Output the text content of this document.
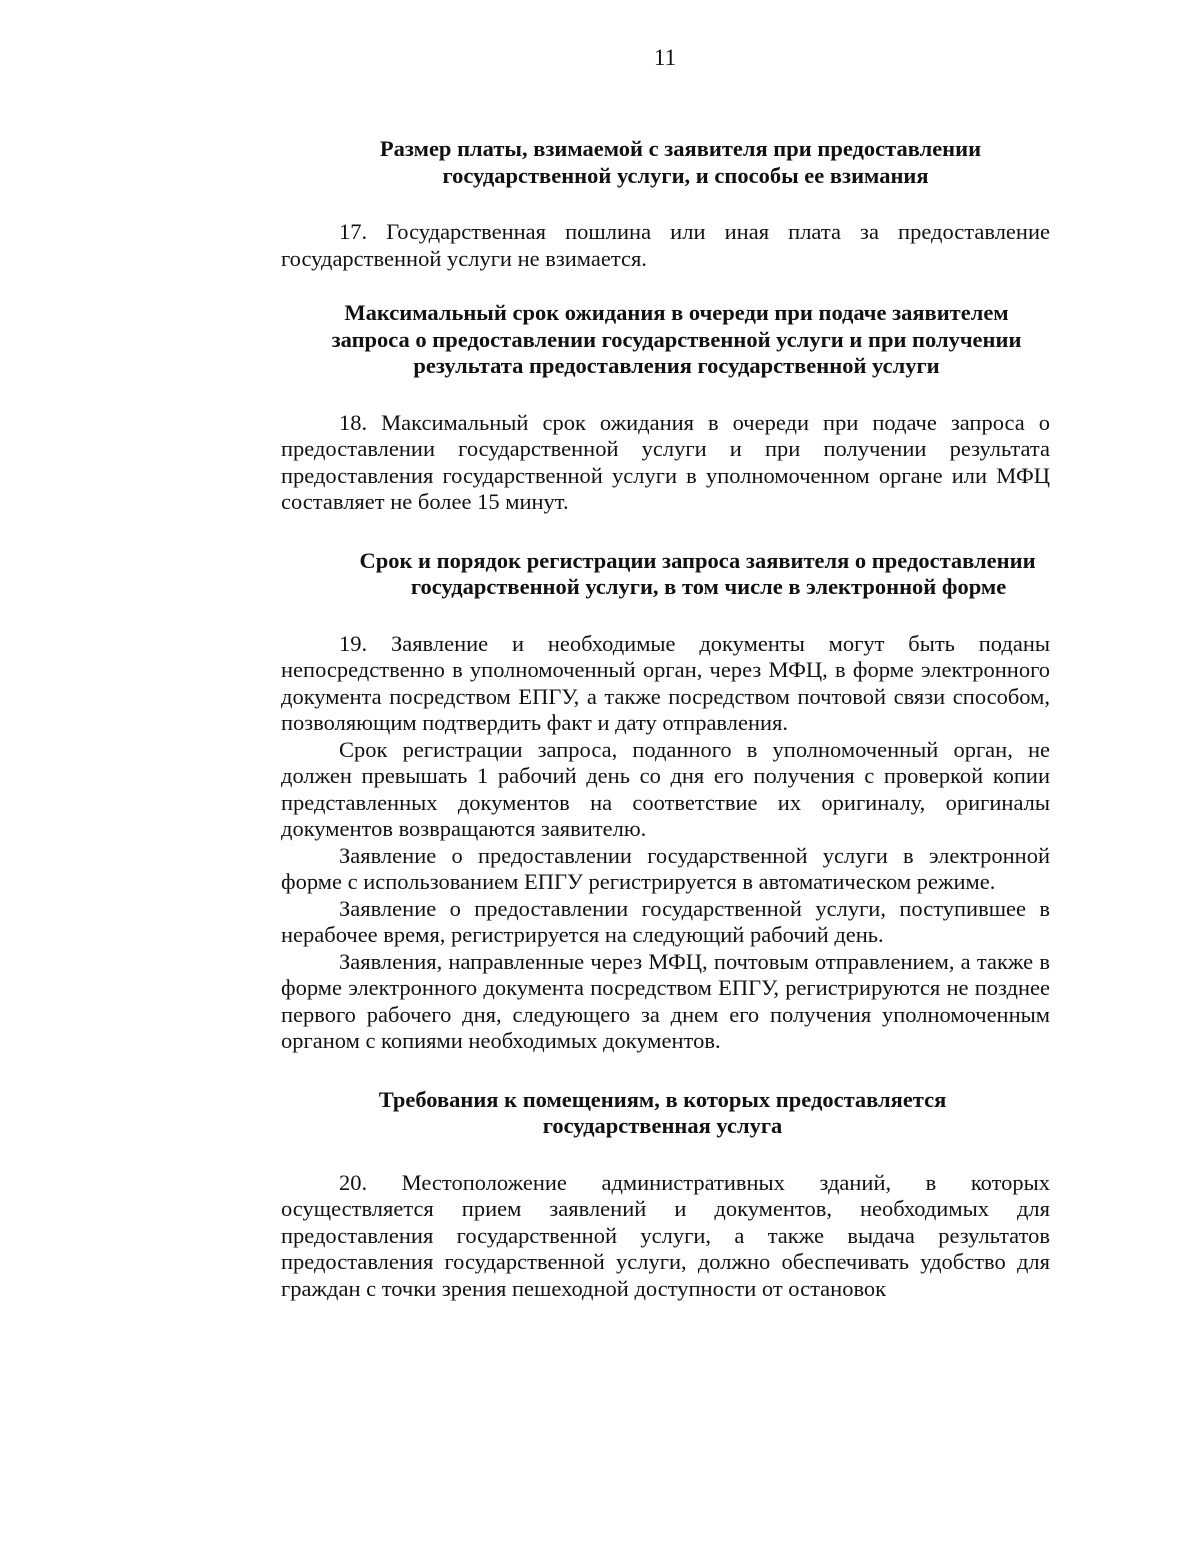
11
Размер платы, взимаемой с заявителя при предоставлении
государственной услуги, и способы ее взимания

17. Государственная пошлина или иная плата за предоставление государственной услуги не взимается.

Максимальный срок ожидания в очереди при подаче заявителем
запроса о предоставлении государственной услуги и при получении
результата предоставления государственной услуги

18. Максимальный срок ожидания в очереди при подаче запроса о предоставлении государственной услуги и при получении результата предоставления государственной услуги в уполномоченном органе или МФЦ составляет не более 15 минут.

Срок и порядок регистрации запроса заявителя о предоставлении
государственной услуги, в том числе в электронной форме

19. Заявление и необходимые документы могут быть поданы непосредственно в уполномоченный орган, через МФЦ, в форме электронного документа посредством ЕПГУ, а также посредством почтовой связи способом, позволяющим подтвердить факт и дату отправления.

Срок регистрации запроса, поданного в уполномоченный орган, не должен превышать 1 рабочий день со дня его получения с проверкой копии представленных документов на соответствие их оригиналу, оригиналы документов возвращаются заявителю.

Заявление о предоставлении государственной услуги в электронной форме с использованием ЕПГУ регистрируется в автоматическом режиме.

Заявление о предоставлении государственной услуги, поступившее в нерабочее время, регистрируется на следующий рабочий день.

Заявления, направленные через МФЦ, почтовым отправлением, а также в форме электронного документа посредством ЕПГУ, регистрируются не позднее первого рабочего дня, следующего за днем его получения уполномоченным органом с копиями необходимых документов.

Требования к помещениям, в которых предоставляется
государственная услуга

20. Местоположение административных зданий, в которых осуществляется прием заявлений и документов, необходимых для предоставления государственной услуги, а также выдача результатов предоставления государственной услуги, должно обеспечивать удобство для граждан с точки зрения пешеходной доступности от остановок
